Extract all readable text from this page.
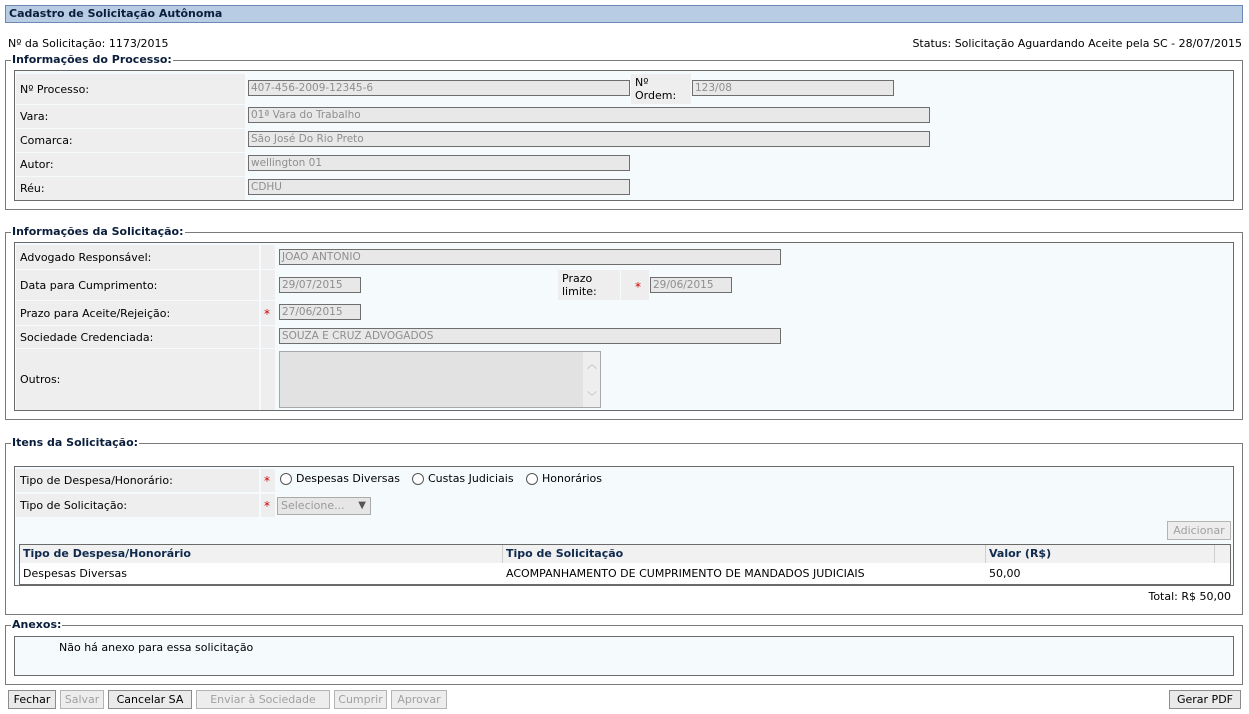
Cadastro de Solicitação Autônoma
Nº da Solicitação: 1173/2015	Status: Solicitação Aguardando Aceite pela SC - 28/07/2015
Informações do Processo:
Nº Processo:	407-456-2009-12345-6	Nº Ordem:
123/08
Vara:	01ª Vara do Trabalho
Comarca:	São José Do Rio Preto
Autor:	wellington 01
Réu:	CDHU
Informações da Solicitação:
Advogado Responsável:	JOAO ANTONIO
Data para Cumprimento:	29/07/2015	Prazo limite:	* 29/06/2015
Prazo para Aceite/Rejeição:	* 27/06/2015
Sociedade Credenciada:	SOUZA E CRUZ ADVOGADOS
Outros:
︿
﹀
Itens da Solicitação:
Tipo de Despesa/Honorário:	* Despesas Diversas	Custas Judiciais	Honorários
Tipo de Solicitação:	*	Selecione... ▼
Adicionar
Tipo de Despesa/Honorário	Tipo de Solicitação	Valor (R$)
Despesas Diversas	ACOMPANHAMENTO DE CUMPRIMENTO DE MANDADOS JUDICIAIS	50,00
Total: R$ 50,00
Anexos:
Não há anexo para essa solicitação
Fechar	Salvar	Cancelar SA	Enviar à Sociedade	Cumprir	Aprovar	Gerar PDF
